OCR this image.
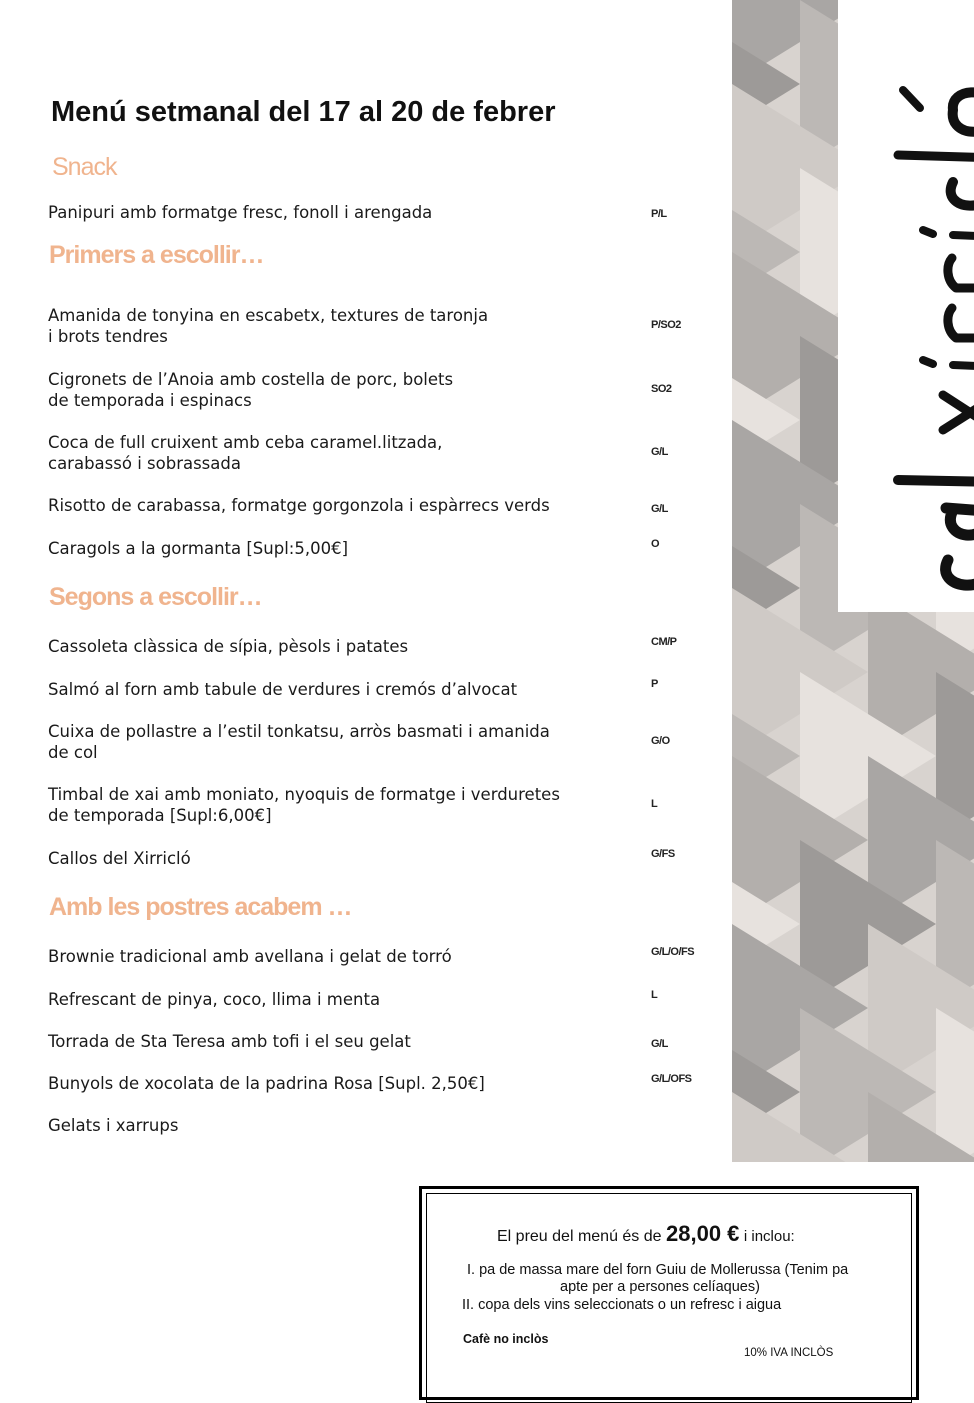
Menú setmanal del 17 al 20 de febrer
Snack
Panipuri amb formatge fresc, fonoll i arengada	P/L
Primers a escollir…
Amanida de tonyina en escabetx, textures de taronja
i brots tendres
P/SO2
Cigronets de l’Anoia amb costella de porc, bolets
de temporada i espinacs
SO2
Coca de full cruixent amb ceba caramel.litzada,
carabassó i sobrassada
G/L
Risotto de carabassa, formatge gorgonzola i espàrrecs verds	G/L
Caragols a la gormanta [Supl:5,00€]	O
Segons a escollir…
Cassoleta clàssica de sípia, pèsols i patates	CM/P
Salmó al forn amb tabule de verdures i cremós d’alvocat	P
Cuixa de pollastre a l’estil tonkatsu, arròs basmati i amanida
de col
G/O
Timbal de xai amb moniato, nyoquis de formatge i verduretes
de temporada [Supl:6,00€]
L
Callos del Xirricló	G/FS
Amb les postres acabem …
Brownie tradicional amb avellana i gelat de torró	G/L/O/FS
Refrescant de pinya, coco, llima i menta	L
Torrada de Sta Teresa amb tofi i el seu gelat	G/L
Bunyols de xocolata de la padrina Rosa [Supl. 2,50€]	G/L/OFS
Gelats i xarrups
El preu del menú és de 28,00 € i inclou:
I. pa de massa mare del forn Guiu de Mollerussa (Tenim pa
apte per a persones celíaques)
II. copa dels vins seleccionats o un refresc i aigua
Cafè no inclòs
10% IVA INCLÒS
